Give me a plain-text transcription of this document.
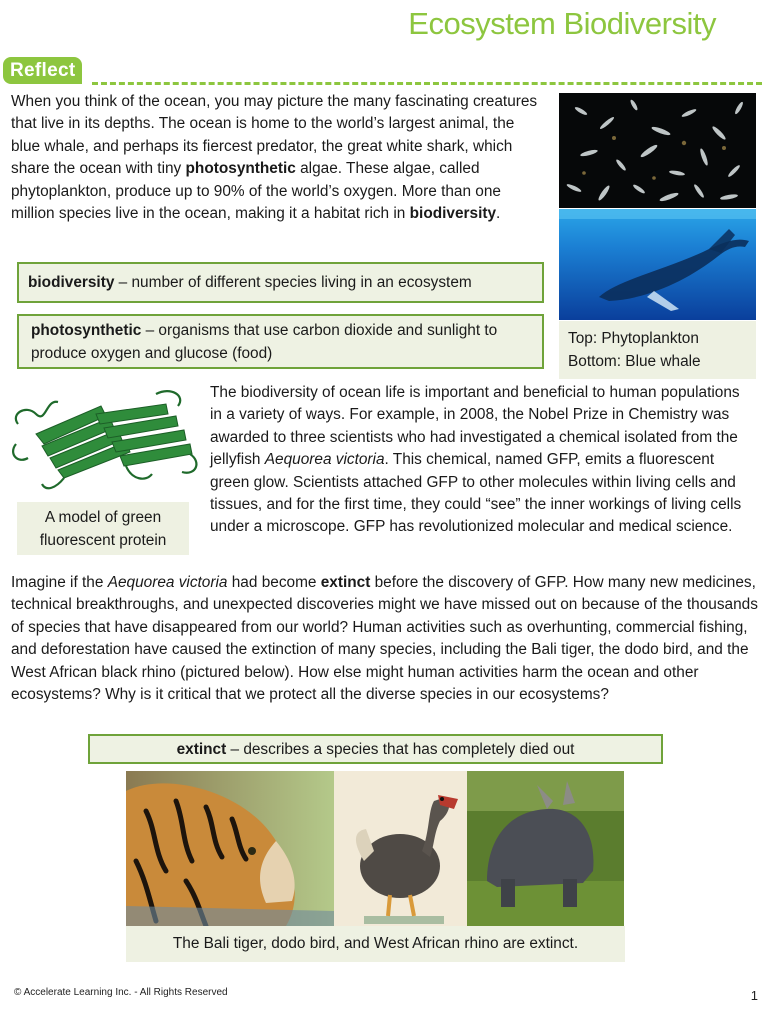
Ecosystem Biodiversity
Reflect

When you think of the ocean, you may picture the many fascinating creatures that live in its depths. The ocean is home to the world’s largest animal, the blue whale, and perhaps its fiercest predator, the great white shark, which share the ocean with tiny photosynthetic algae. These algae, called phytoplankton, produce up to 90% of the world’s oxygen. More than one million species live in the ocean, making it a habitat rich in biodiversity.

biodiversity – number of different species living in an ecosystem
photosynthetic – organisms that use carbon dioxide and sunlight to produce oxygen and glucose (food)
Top: Phytoplankton
Bottom: Blue whale
A model of green fluorescent protein

The biodiversity of ocean life is important and beneficial to human populations in a variety of ways. For example, in 2008, the Nobel Prize in Chemistry was awarded to three scientists who had investigated a chemical isolated from the jellyfish Aequorea victoria. This chemical, named GFP, emits a fluorescent green glow. Scientists attached GFP to other molecules within living cells and tissues, and for the first time, they could “see” the inner workings of living cells under a microscope. GFP has revolutionized molecular and medical science.

Imagine if the Aequorea victoria had become extinct before the discovery of GFP. How many new medicines, technical breakthroughs, and unexpected discoveries might we have missed out on because of the thousands of species that have disappeared from our world? Human activities such as overhunting, commercial fishing, and deforestation have caused the extinction of many species, including the Bali tiger, the dodo bird, and the West African black rhino (pictured below). How else might human activities harm the ocean and other ecosystems? Why is it critical that we protect all the diverse species in our ecosystems?

extinct – describes a species that has completely died out
The Bali tiger, dodo bird, and West African rhino are extinct.
© Accelerate Learning Inc. - All Rights Reserved	1
